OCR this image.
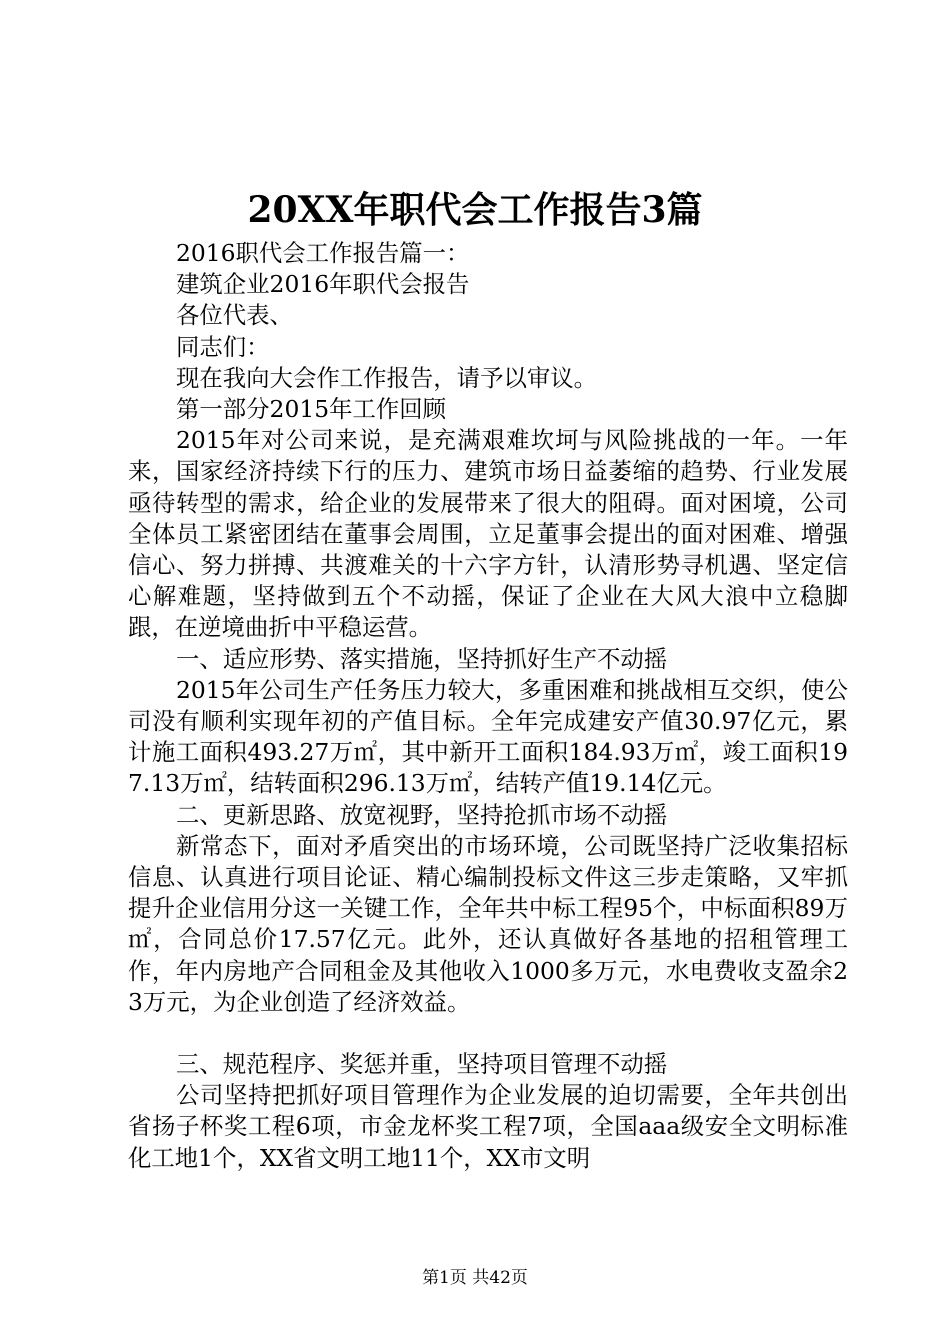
20XX年职代会工作报告3篇

2016职代会工作报告篇一：

建筑企业2016年职代会报告

各位代表、

同志们：

现在我向大会作工作报告，请予以审议。

第一部分2015年工作回顾

2015年对公司来说，是充满艰难坎坷与风险挑战的一年。一年来，国家经济持续下行的压力、建筑市场日益萎缩的趋势、行业发展亟待转型的需求，给企业的发展带来了很大的阻碍。面对困境，公司全体员工紧密团结在董事会周围，立足董事会提出的面对困难、增强信心、努力拼搏、共渡难关的十六字方针，认清形势寻机遇、坚定信心解难题，坚持做到五个不动摇，保证了企业在大风大浪中立稳脚跟，在逆境曲折中平稳运营。

一、适应形势、落实措施，坚持抓好生产不动摇

2015年公司生产任务压力较大，多重困难和挑战相互交织，使公司没有顺利实现年初的产值目标。全年完成建安产值30.97亿元，累计施工面积493.27万㎡，其中新开工面积184.93万㎡，竣工面积197.13万㎡，结转面积296.13万㎡，结转产值19.14亿元。

二、更新思路、放宽视野，坚持抢抓市场不动摇

新常态下，面对矛盾突出的市场环境，公司既坚持广泛收集招标信息、认真进行项目论证、精心编制投标文件这三步走策略，又牢抓提升企业信用分这一关键工作，全年共中标工程95个，中标面积89万㎡，合同总价17.57亿元。此外，还认真做好各基地的招租管理工作，年内房地产合同租金及其他收入1000多万元，水电费收支盈余23万元，为企业创造了经济效益。

三、规范程序、奖惩并重，坚持项目管理不动摇

公司坚持把抓好项目管理作为企业发展的迫切需要，全年共创出省扬子杯奖工程6项，市金龙杯奖工程7项，全国aaa级安全文明标准化工地1个，XX省文明工地11个，XX市文明

第1页 共42页
